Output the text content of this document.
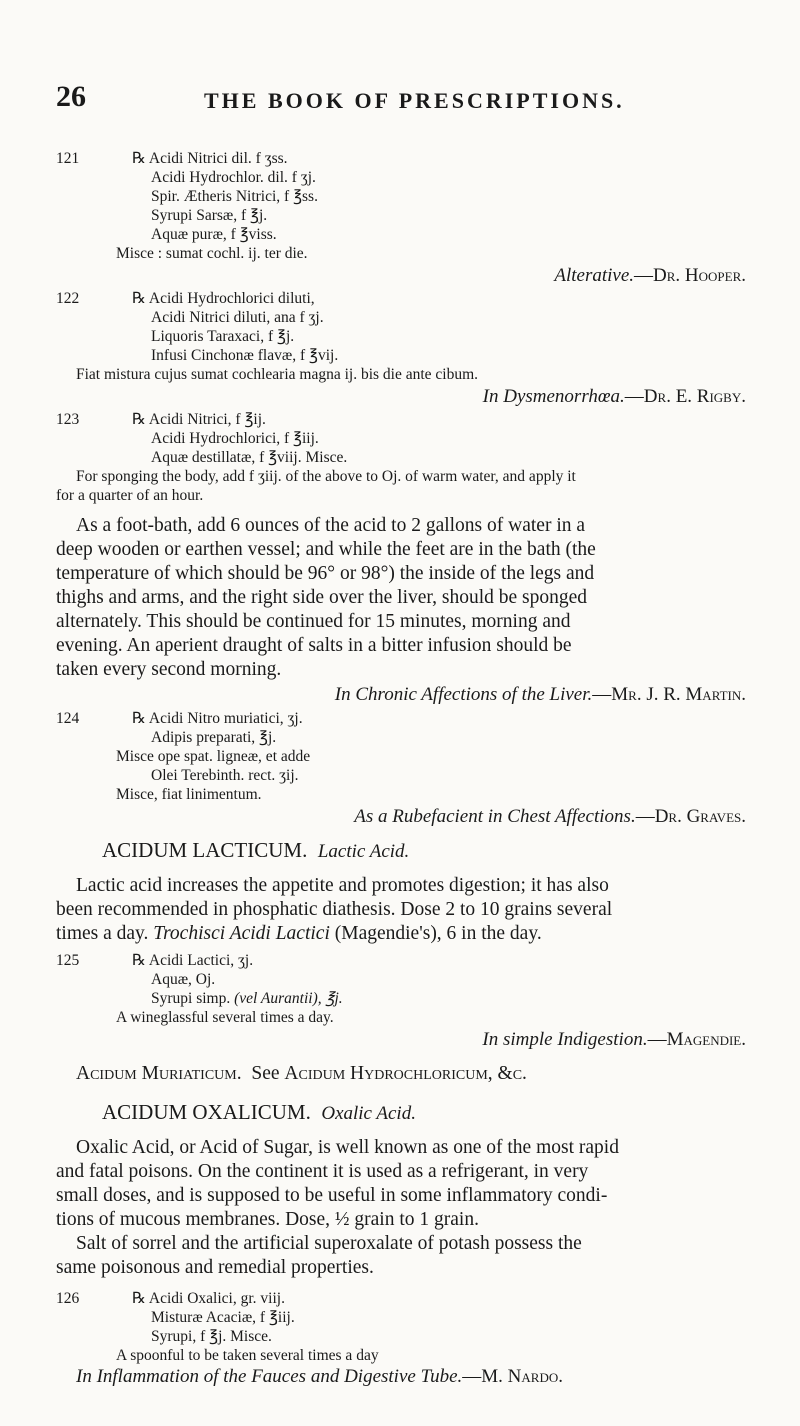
26	THE BOOK OF PRESCRIPTIONS.
121	℞ Acidi Nitrici dil. f ʒss.
Acidi Hydrochlor. dil. f ʒj.
Spir. Ætheris Nitrici, f ℥ss.
Syrupi Sarsæ, f ℥j.
Aquæ puræ, f ℥viss.
Misce : sumat cochl. ij. ter die.
Alterative.—Dr. Hooper.
122	℞ Acidi Hydrochlorici diluti,
Acidi Nitrici diluti, ana f ʒj.
Liquoris Taraxaci, f ℥j.
Infusi Cinchonæ flavæ, f ℥vij.
Fiat mistura cujus sumat cochlearia magna ij. bis die ante cibum.
In Dysmenorrhœa.—Dr. E. Rigby.
123	℞ Acidi Nitrici, f ℥ij.
Acidi Hydrochlorici, f ℥iij.
Aquæ destillatæ, f ℥viij. Misce.
For sponging the body, add f ʒiij. of the above to Oj. of warm water, and apply it
for a quarter of an hour.
As a foot-bath, add 6 ounces of the acid to 2 gallons of water in a
deep wooden or earthen vessel; and while the feet are in the bath (the
temperature of which should be 96° or 98°) the inside of the legs and
thighs and arms, and the right side over the liver, should be sponged
alternately. This should be continued for 15 minutes, morning and
evening. An aperient draught of salts in a bitter infusion should be
taken every second morning.
In Chronic Affections of the Liver.—Mr. J. R. Martin.
124	℞ Acidi Nitro muriatici, ʒj.
Adipis preparati, ℥j.
Misce ope spat. ligneæ, et adde
Olei Terebinth. rect. ʒij.
Misce, fiat linimentum.
As a Rubefacient in Chest Affections.—Dr. Graves.
ACIDUM LACTICUM. Lactic Acid.
Lactic acid increases the appetite and promotes digestion; it has also
been recommended in phosphatic diathesis. Dose 2 to 10 grains several
times a day. Trochisci Acidi Lactici (Magendie's), 6 in the day.
125	℞ Acidi Lactici, ʒj.
Aquæ, Oj.
Syrupi simp. (vel Aurantii), ℥j.
A wineglassful several times a day.
In simple Indigestion.—Magendie.
Acidum Muriaticum. See Acidum Hydrochloricum, &c.
ACIDUM OXALICUM. Oxalic Acid.
Oxalic Acid, or Acid of Sugar, is well known as one of the most rapid
and fatal poisons. On the continent it is used as a refrigerant, in very
small doses, and is supposed to be useful in some inflammatory condi-
tions of mucous membranes. Dose, ½ grain to 1 grain.
Salt of sorrel and the artificial superoxalate of potash possess the
same poisonous and remedial properties.
126	℞ Acidi Oxalici, gr. viij.
Misturæ Acaciæ, f ℥iij.
Syrupi, f ℥j. Misce.
A spoonful to be taken several times a day
In Inflammation of the Fauces and Digestive Tube.—M. Nardo.
